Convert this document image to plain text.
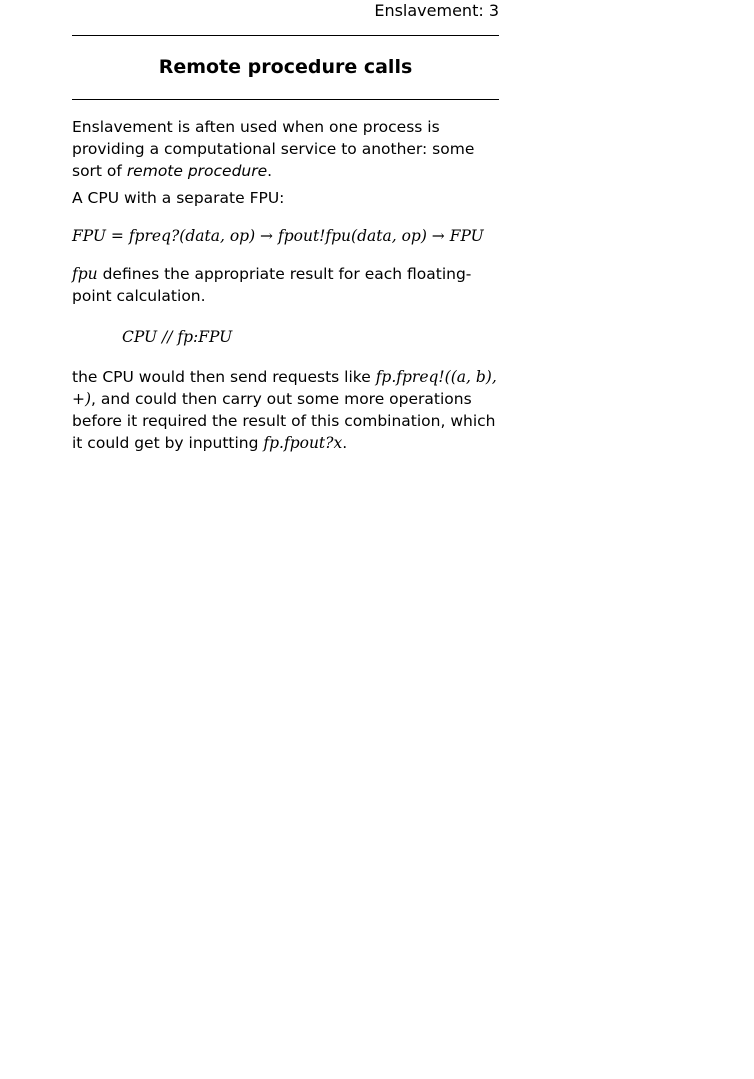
Enslavement: 3
Remote procedure calls

Enslavement is aften used when one process is providing a computational service to another: some sort of remote procedure.

A CPU with a separate FPU:

FPU = fpreq?(data, op) → fpout!fpu(data, op) → FPU

fpu defines the appropriate result for each floating-point calculation.

CPU // fp:FPU

the CPU would then send requests like fp.fpreq!((a, b), +), and could then carry out some more operations before it required the result of this combination, which it could get by inputting fp.fpout?x.
